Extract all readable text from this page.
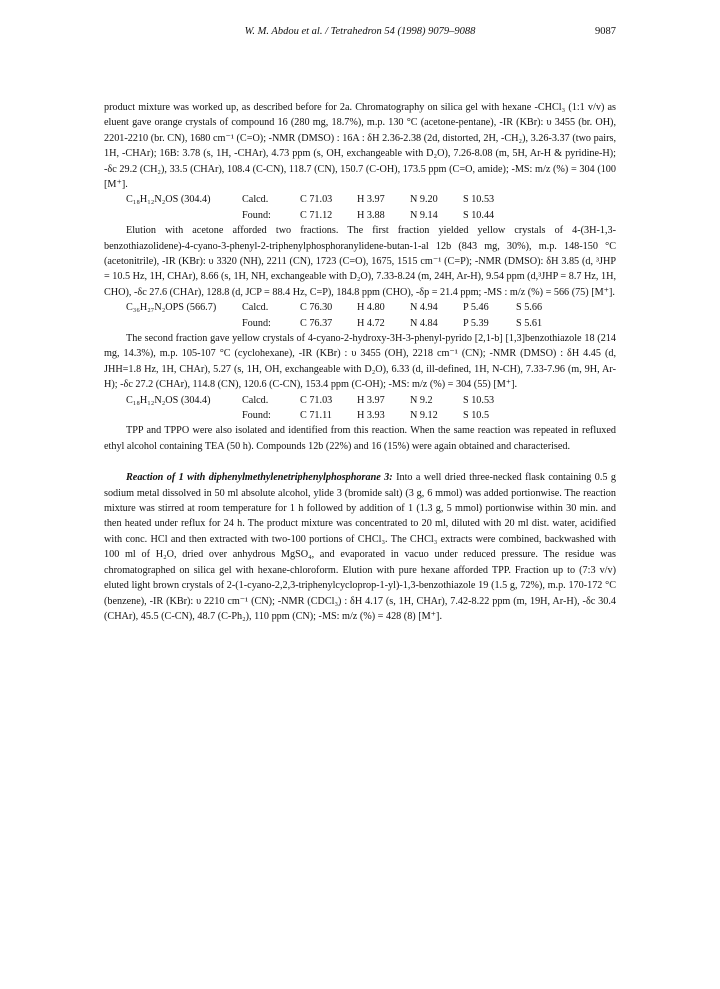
W. M. Abdou et al. / Tetrahedron 54 (1998) 9079–9088	9087

product mixture was worked up, as described before for 2a. Chromatography on silica gel with hexane -CHCl₃ (1:1 v/v) as eluent gave orange crystals of compound 16 (280 mg, 18.7%), m.p. 130 °C (acetone-pentane), -IR (KBr): υ 3455 (br. OH), 2201-2210 (br. CN), 1680 cm⁻¹ (C=O); -NMR (DMSO) : 16A : δH 2.36-2.38 (2d, distorted, 2H, -CH₂), 3.26-3.37 (two pairs, 1H, -CHAr); 16B: 3.78 (s, 1H, -CHAr), 4.73 ppm (s, OH, exchangeable with D₂O), 7.26-8.08 (m, 5H, Ar-H & pyridine-H); -δc 29.2 (CH₂), 33.5 (CHAr), 108.4 (C-CN), 118.7 (CN), 150.7 (C-OH), 173.5 ppm (C=O, amide); -MS: m/z (%) = 304 (100 [M⁺].

C₁₈H₁₂N₂OS (304.4)	Calcd.	C 71.03	H 3.97	N 9.20	S 10.53
Found:	C 71.12	H 3.88	N 9.14	S 10.44

Elution with acetone afforded two fractions. The first fraction yielded yellow crystals of 4-(3H-1,3-benzothiazolidene)-4-cyano-3-phenyl-2-triphenylphosphoranylidene-butan-1-al 12b (843 mg, 30%), m.p. 148-150 °C (acetonitrile), -IR (KBr): υ 3320 (NH), 2211 (CN), 1723 (C=O), 1675, 1515 cm⁻¹ (C=P); -NMR (DMSO): δH 3.85 (d, ³JHP = 10.5 Hz, 1H, CHAr), 8.66 (s, 1H, NH, exchangeable with D₂O), 7.33-8.24 (m, 24H, Ar-H), 9.54 ppm (d,³JHP = 8.7 Hz, 1H, CHO), -δc 27.6 (CHAr), 128.8 (d, JCP = 88.4 Hz, C=P), 184.8 ppm (CHO), -δp = 21.4 ppm; -MS : m/z (%) = 566 (75) [M⁺].

C₃₆H₂₇N₂OPS (566.7)	Calcd.	C 76.30	H 4.80	N 4.94	P 5.46	S 5.66
Found:	C 76.37	H 4.72	N 4.84	P 5.39	S 5.61

The second fraction gave yellow crystals of 4-cyano-2-hydroxy-3H-3-phenyl-pyrido [2,1-b] [1,3]benzothiazole 18 (214 mg, 14.3%), m.p. 105-107 °C (cyclohexane), -IR (KBr) : υ 3455 (OH), 2218 cm⁻¹ (CN); -NMR (DMSO) : δH 4.45 (d, JHH=1.8 Hz, 1H, CHAr), 5.27 (s, 1H, OH, exchangeable with D₂O), 6.33 (d, ill-defined, 1H, N-CH), 7.33-7.96 (m, 9H, Ar-H); -δc 27.2 (CHAr), 114.8 (CN), 120.6 (C-CN), 153.4 ppm (C-OH); -MS: m/z (%) = 304 (55) [M⁺].

C₁₈H₁₂N₂OS (304.4)	Calcd.	C 71.03	H 3.97	N 9.2	S 10.53
Found:	C 71.11	H 3.93	N 9.12	S 10.5

TPP and TPPO were also isolated and identified from this reaction. When the same reaction was repeated in refluxed ethyl alcohol containing TEA (50 h). Compounds 12b (22%) and 16 (15%) were again obtained and characterised.

Reaction of 1 with diphenylmethylenetriphenylphosphorane 3: Into a well dried three-necked flask containing 0.5 g sodium metal dissolved in 50 ml absolute alcohol, ylide 3 (bromide salt) (3 g, 6 mmol) was added portionwise. The reaction mixture was stirred at room temperature for 1 h followed by addition of 1 (1.3 g, 5 mmol) portionwise within 30 min. and then heated under reflux for 24 h. The product mixture was concentrated to 20 ml, diluted with 20 ml dist. water, acidified with conc. HCl and then extracted with two-100 portions of CHCl₃. The CHCl₃ extracts were combined, backwashed with 100 ml of H₂O, dried over anhydrous MgSO₄, and evaporated in vacuo under reduced pressure. The residue was chromatographed on silica gel with hexane-chloroform. Elution with pure hexane afforded TPP. Fraction up to (7:3 v/v) eluted light brown crystals of 2-(1-cyano-2,2,3-triphenylcycloprop-1-yl)-1,3-benzothiazole 19 (1.5 g, 72%), m.p. 170-172 °C (benzene), -IR (KBr): υ 2210 cm⁻¹ (CN); -NMR (CDCl₃) : δH 4.17 (s, 1H, CHAr), 7.42-8.22 ppm (m, 19H, Ar-H), -δc 30.4 (CHAr), 45.5 (C-CN), 48.7 (C-Ph₂), 110 ppm (CN); -MS: m/z (%) = 428 (8) [M⁺].
